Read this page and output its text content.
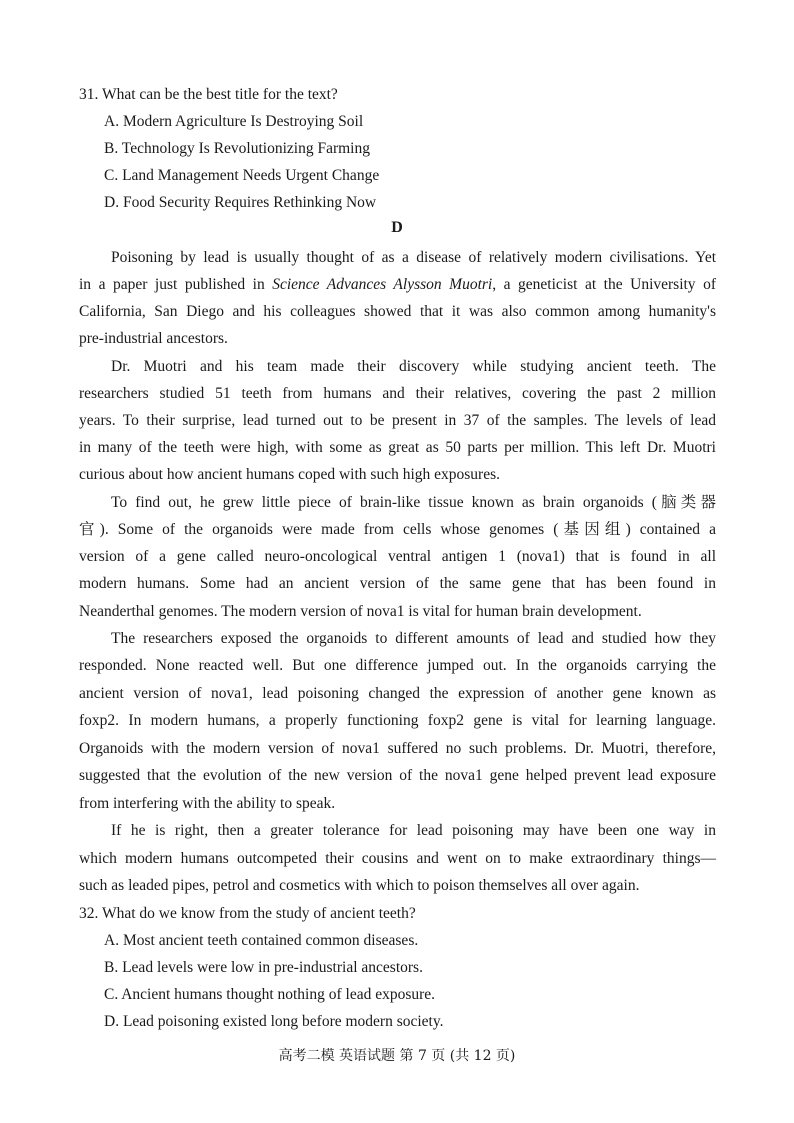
31. What can be the best title for the text?
A. Modern Agriculture Is Destroying Soil
B. Technology Is Revolutionizing Farming
C. Land Management Needs Urgent Change
D. Food Security Requires Rethinking Now
D
Poisoning by lead is usually thought of as a disease of relatively modern civilisations. Yet
in a paper just published in Science Advances Alysson Muotri, a geneticist at the University of
California, San Diego and his colleagues showed that it was also common among humanity's
pre-industrial ancestors.
Dr. Muotri and his team made their discovery while studying ancient teeth. The
researchers studied 51 teeth from humans and their relatives, covering the past 2 million
years. To their surprise, lead turned out to be present in 37 of the samples. The levels of lead
in many of the teeth were high, with some as great as 50 parts per million. This left Dr. Muotri
curious about how ancient humans coped with such high exposures.
To find out, he grew little piece of brain-like tissue known as brain organoids (脑类器
官). Some of the organoids were made from cells whose genomes (基因组) contained a
version of a gene called neuro-oncological ventral antigen 1 (nova1) that is found in all
modern humans. Some had an ancient version of the same gene that has been found in
Neanderthal genomes. The modern version of nova1 is vital for human brain development.
The researchers exposed the organoids to different amounts of lead and studied how they
responded. None reacted well. But one difference jumped out. In the organoids carrying the
ancient version of nova1, lead poisoning changed the expression of another gene known as
foxp2. In modern humans, a properly functioning foxp2 gene is vital for learning language.
Organoids with the modern version of nova1 suffered no such problems. Dr. Muotri, therefore,
suggested that the evolution of the new version of the nova1 gene helped prevent lead exposure
from interfering with the ability to speak.
If he is right, then a greater tolerance for lead poisoning may have been one way in
which modern humans outcompeted their cousins and went on to make extraordinary things—
such as leaded pipes, petrol and cosmetics with which to poison themselves all over again.
32. What do we know from the study of ancient teeth?
A. Most ancient teeth contained common diseases.
B. Lead levels were low in pre-industrial ancestors.
C. Ancient humans thought nothing of lead exposure.
D. Lead poisoning existed long before modern society.
高考二模 英语试题 第 7 页 (共 12 页)
